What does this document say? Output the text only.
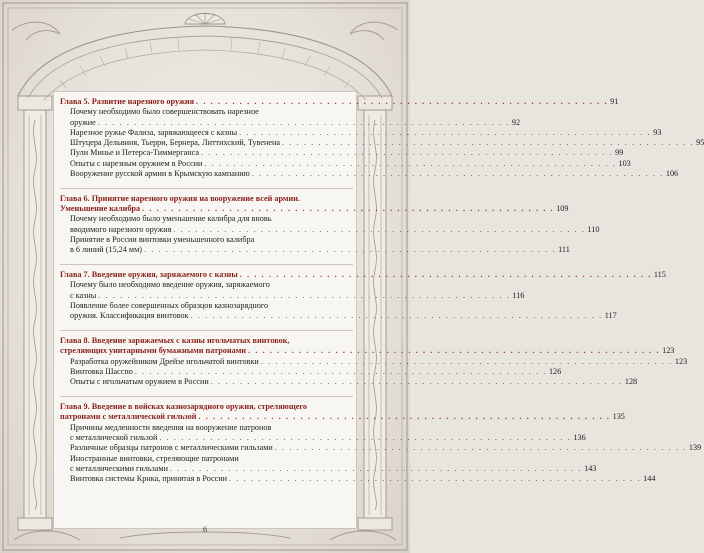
Глава 5. Развитие нарезного оружия . . . . . . . . . . . . . . . . . . . . . . . . . . . . . . . . . . . . . . . . . . . . . . . . . . . . . . . . . 91
Почему необходимо было совершенствовать нарезное
оружие . . . . . . . . . . . . . . . . . . . . . . . . . . . . . . . . . . . . . . . . . . . . . . . . . . . . . . . . . 92
Нарезное ружье Фализа, заряжающееся с казны . . . . . . . . . . . . . . . . . . . . . . . . . . . . . . . . . . . . . . . . . . . . . . . . . . . . . . . . . 93
Штуцера Дельвиня, Тьерри, Бернера, Литтихский, Тувенена . . . . . . . . . . . . . . . . . . . . . . . . . . . . . . . . . . . . . . . . . . . . . . . . . . . . . . . . . 95
Пули Минье и Петерса-Тиммерганса . . . . . . . . . . . . . . . . . . . . . . . . . . . . . . . . . . . . . . . . . . . . . . . . . . . . . . . . . 99
Опыты с нарезным оружием в России . . . . . . . . . . . . . . . . . . . . . . . . . . . . . . . . . . . . . . . . . . . . . . . . . . . . . . . . . 103
Вооружение русской армии в Крымскую кампанию . . . . . . . . . . . . . . . . . . . . . . . . . . . . . . . . . . . . . . . . . . . . . . . . . . . . . . . . . 106
Глава 6. Принятие нарезного оружия на вооружение всей армии.
Уменьшение калибра . . . . . . . . . . . . . . . . . . . . . . . . . . . . . . . . . . . . . . . . . . . . . . . . . . . . . . . . . 109
Почему необходимо было уменьшение калибра для вновь
вводимого нарезного оружия . . . . . . . . . . . . . . . . . . . . . . . . . . . . . . . . . . . . . . . . . . . . . . . . . . . . . . . . . 110
Принятие в России винтовки уменьшенного калибра
в 6 линий (15,24 мм) . . . . . . . . . . . . . . . . . . . . . . . . . . . . . . . . . . . . . . . . . . . . . . . . . . . . . . . . . 111
Глава 7. Введение оружия, заряжаемого с казны . . . . . . . . . . . . . . . . . . . . . . . . . . . . . . . . . . . . . . . . . . . . . . . . . . . . . . . . . 115
Почему было необходимо введение оружия, заряжаемого
с казны . . . . . . . . . . . . . . . . . . . . . . . . . . . . . . . . . . . . . . . . . . . . . . . . . . . . . . . . . 116
Появление более совершенных образцов казнозарядного
оружия. Классификация винтовок . . . . . . . . . . . . . . . . . . . . . . . . . . . . . . . . . . . . . . . . . . . . . . . . . . . . . . . . . 117
Глава 8. Введение заряжаемых с казны игольчатых винтовок,
стреляющих унитарными бумажными патронами . . . . . . . . . . . . . . . . . . . . . . . . . . . . . . . . . . . . . . . . . . . . . . . . . . . . . . . . . 123
Разработка оружейником Дрейзе игольчатой винтовки . . . . . . . . . . . . . . . . . . . . . . . . . . . . . . . . . . . . . . . . . . . . . . . . . . . . . . . . . 123
Винтовка Шасспо . . . . . . . . . . . . . . . . . . . . . . . . . . . . . . . . . . . . . . . . . . . . . . . . . . . . . . . . . 126
Опыты с игольчатым оружием в России . . . . . . . . . . . . . . . . . . . . . . . . . . . . . . . . . . . . . . . . . . . . . . . . . . . . . . . . . 128
Глава 9. Введение в войсках казнозарядного оружия, стреляющего
патронами с металлической гильзой . . . . . . . . . . . . . . . . . . . . . . . . . . . . . . . . . . . . . . . . . . . . . . . . . . . . . . . . . 135
Причины медленности введения на вооружение патронов
с металлической гильзой . . . . . . . . . . . . . . . . . . . . . . . . . . . . . . . . . . . . . . . . . . . . . . . . . . . . . . . . . 136
Различные образцы патронов с металлическими гильзами . . . . . . . . . . . . . . . . . . . . . . . . . . . . . . . . . . . . . . . . . . . . . . . . . . . . . . . . . 139
Иностранные винтовки, стреляющие патронами
с металлическими гильзами . . . . . . . . . . . . . . . . . . . . . . . . . . . . . . . . . . . . . . . . . . . . . . . . . . . . . . . . . 143
Винтовка системы Крнка, принятая в России . . . . . . . . . . . . . . . . . . . . . . . . . . . . . . . . . . . . . . . . . . . . . . . . . . . . . . . . . 144
6
